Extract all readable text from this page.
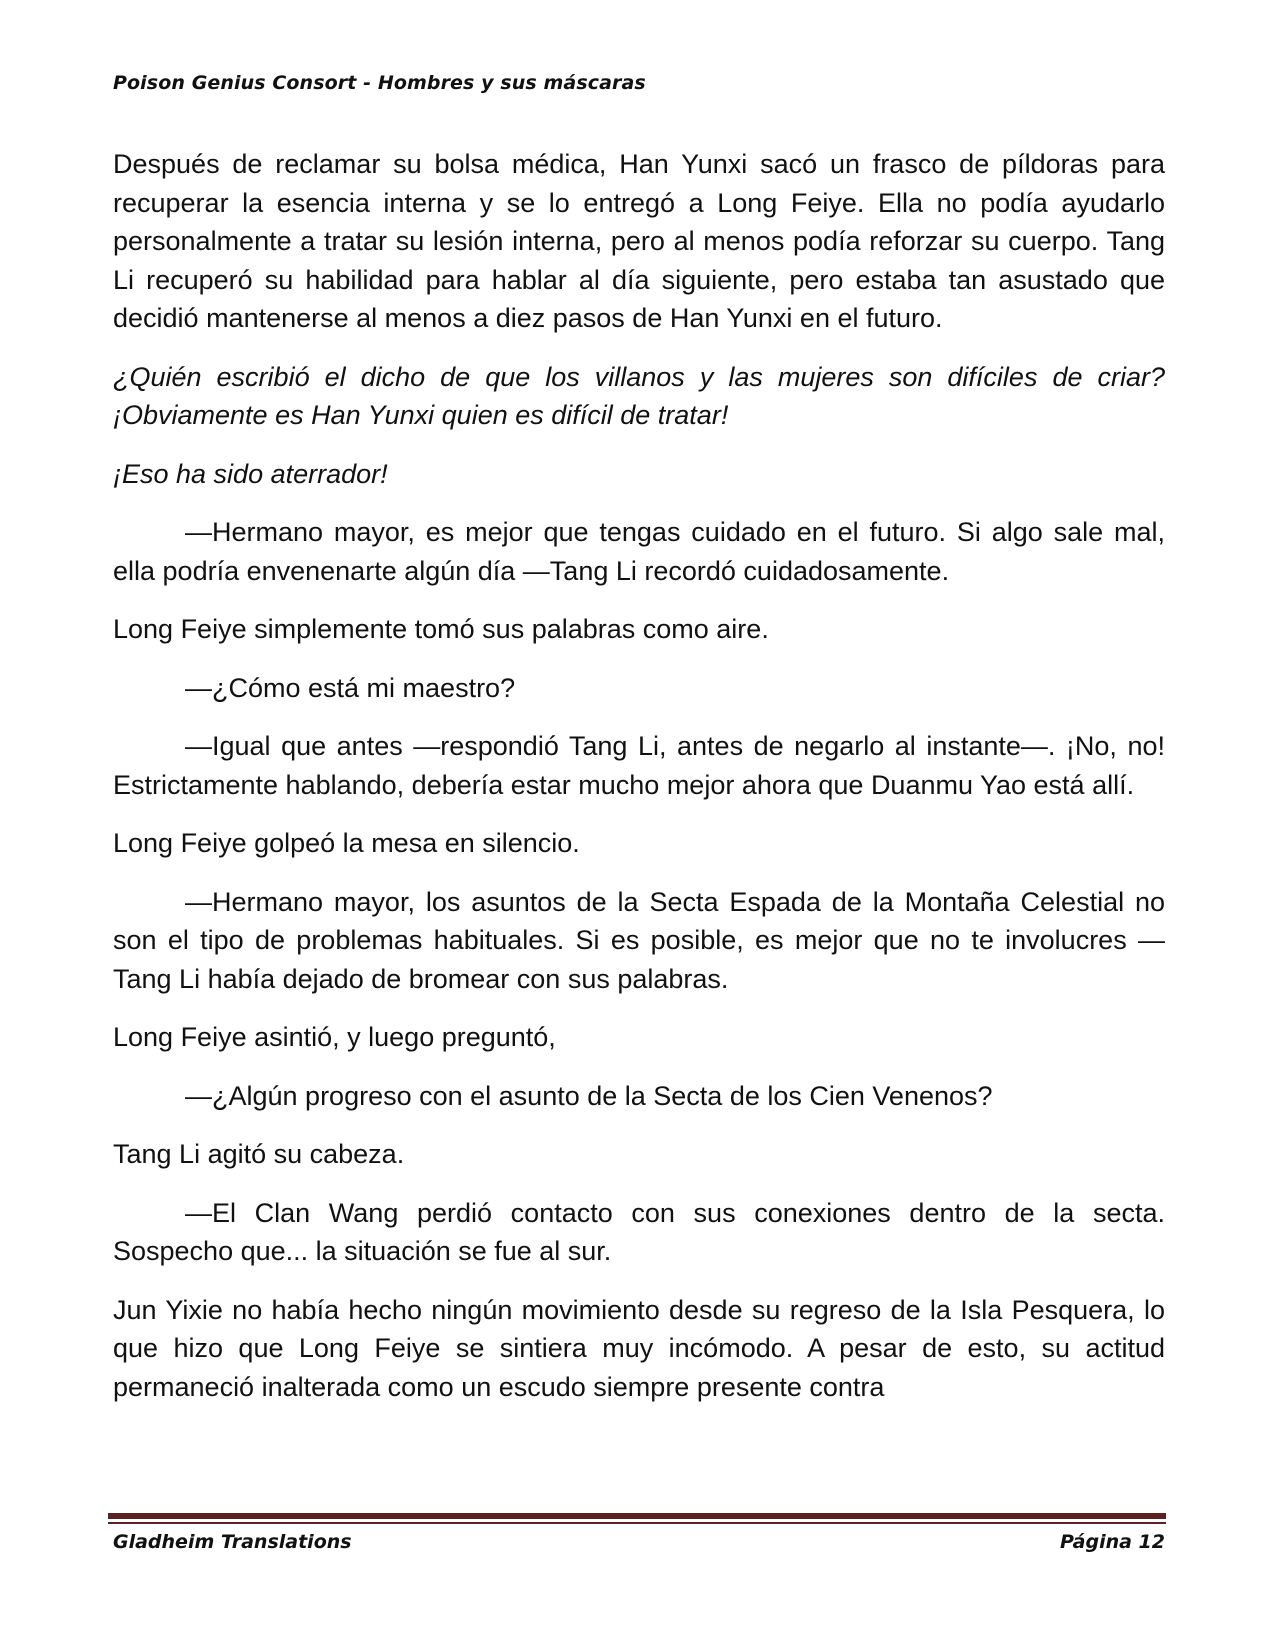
Poison Genius Consort - Hombres y sus máscaras

Después de reclamar su bolsa médica, Han Yunxi sacó un frasco de píldoras para recuperar la esencia interna y se lo entregó a Long Feiye. Ella no podía ayudarlo personalmente a tratar su lesión interna, pero al menos podía reforzar su cuerpo. Tang Li recuperó su habilidad para hablar al día siguiente, pero estaba tan asustado que decidió mantenerse al menos a diez pasos de Han Yunxi en el futuro.

¿Quién escribió el dicho de que los villanos y las mujeres son difíciles de criar? ¡Obviamente es Han Yunxi quien es difícil de tratar!

¡Eso ha sido aterrador!

—Hermano mayor, es mejor que tengas cuidado en el futuro. Si algo sale mal, ella podría envenenarte algún día —Tang Li recordó cuidadosamente.

Long Feiye simplemente tomó sus palabras como aire.

—¿Cómo está mi maestro?

—Igual que antes —respondió Tang Li, antes de negarlo al instante—. ¡No, no! Estrictamente hablando, debería estar mucho mejor ahora que Duanmu Yao está allí.

Long Feiye golpeó la mesa en silencio.

—Hermano mayor, los asuntos de la Secta Espada de la Montaña Celestial no son el tipo de problemas habituales. Si es posible, es mejor que no te involucres —Tang Li había dejado de bromear con sus palabras.

Long Feiye asintió, y luego preguntó,

—¿Algún progreso con el asunto de la Secta de los Cien Venenos?

Tang Li agitó su cabeza.

—El Clan Wang perdió contacto con sus conexiones dentro de la secta. Sospecho que... la situación se fue al sur.

Jun Yixie no había hecho ningún movimiento desde su regreso de la Isla Pesquera, lo que hizo que Long Feiye se sintiera muy incómodo. A pesar de esto, su actitud permaneció inalterada como un escudo siempre presente contra

Gladheim Translations	Página 12
